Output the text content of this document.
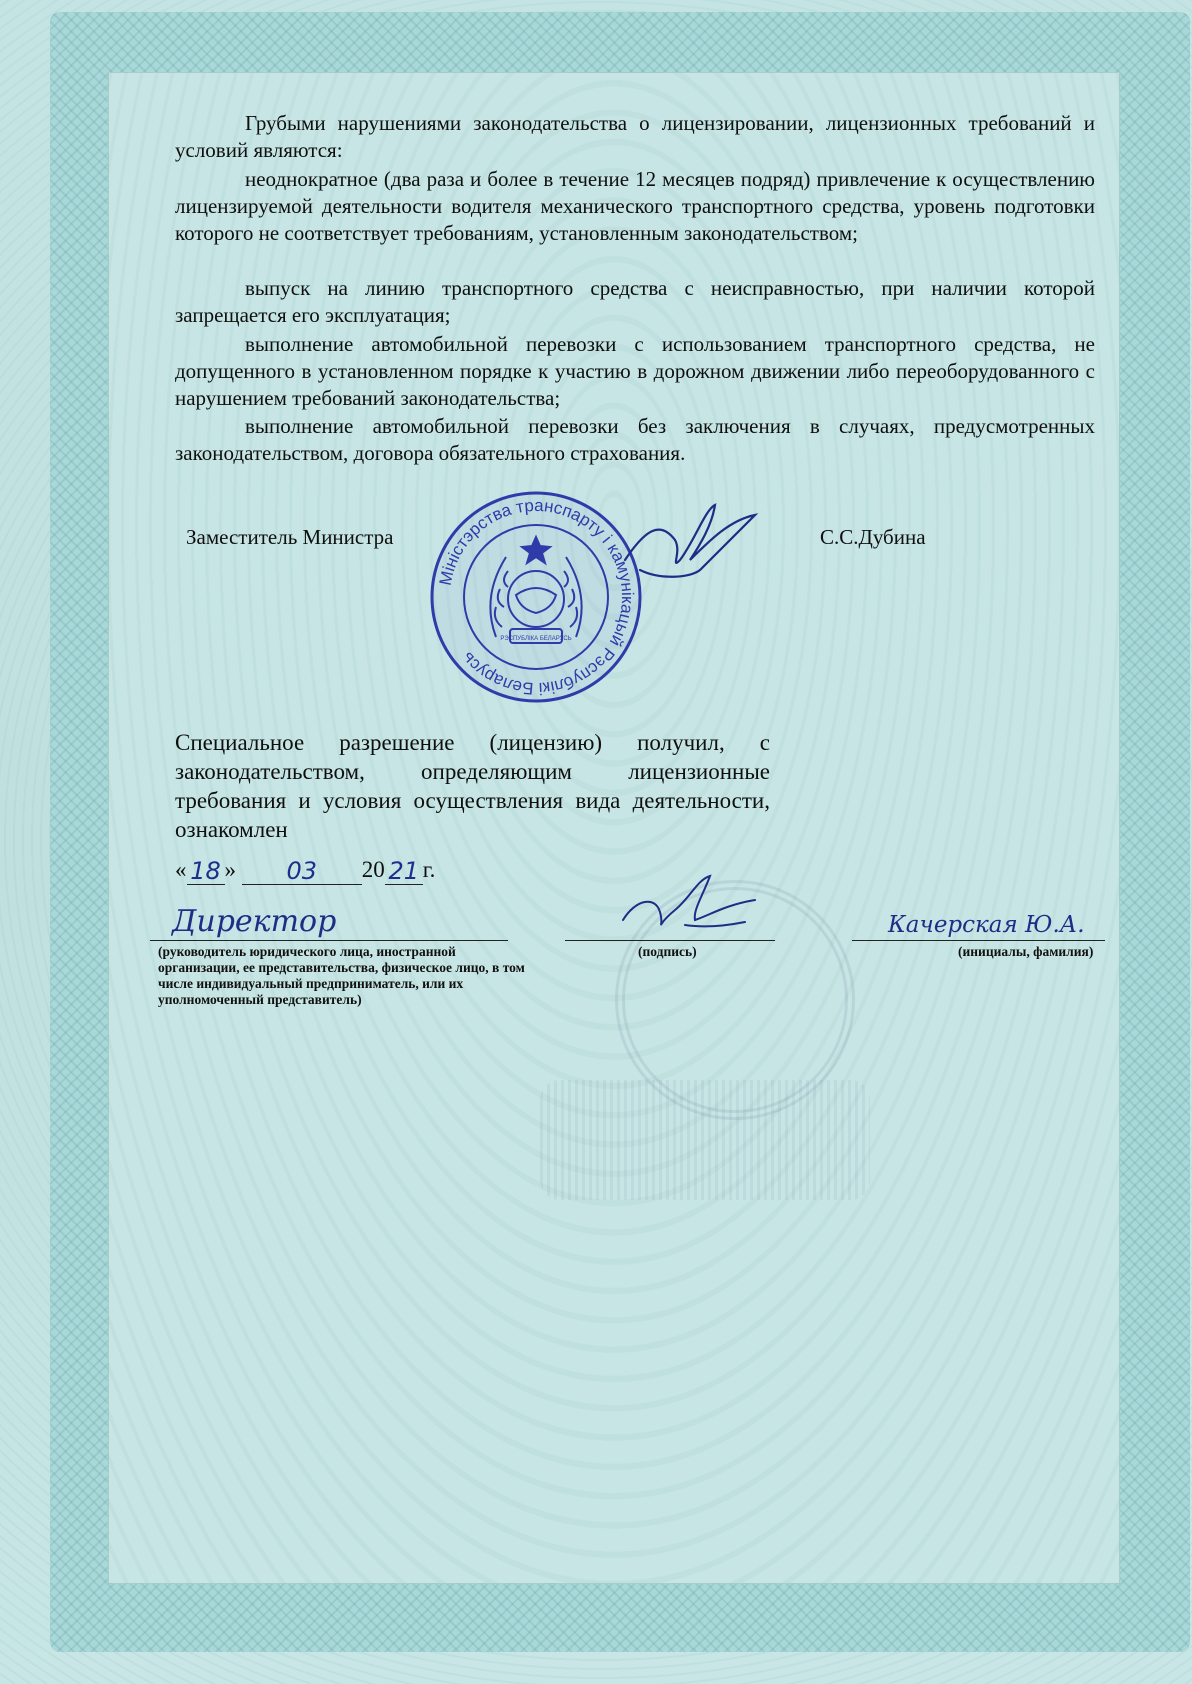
Грубыми нарушениями законодательства о лицензировании, лицензионных требований и условий являются:
неоднократное (два раза и более в течение 12 месяцев подряд) привлечение к осуществлению лицензируемой деятельности водителя механического транспортного средства, уровень подготовки которого не соответствует требованиям, установленным законодательством;
выпуск на линию транспортного средства с неисправностью, при наличии которой запрещается его эксплуатация;
выполнение автомобильной перевозки с использованием транспортного средства, не допущенного в установленном порядке к участию в дорожном движении либо переоборудованного с нарушением требований законодательства;
выполнение автомобильной перевозки без заключения в случаях, предусмотренных законодательством, договора обязательного страхования.
Заместитель Министра	С.С.Дубина
Міністэрства транспарту і камунікацый Рэспублікі Беларусь
РЭСПУБЛІКА БЕЛАРУСЬ
Специальное разрешение (лицензию) получил, с законодательством, определяющим лицензионные требования и условия осуществления вида деятельности, ознакомлен
« 18 » 03 20 21 г.
Директор
(руководитель юридического лица, иностранной организации, ее представительства, физическое лицо, в том числе индивидуальный предприниматель, или их уполномоченный представитель)
(подпись)
Качерская Ю.А.
(инициалы, фамилия)
